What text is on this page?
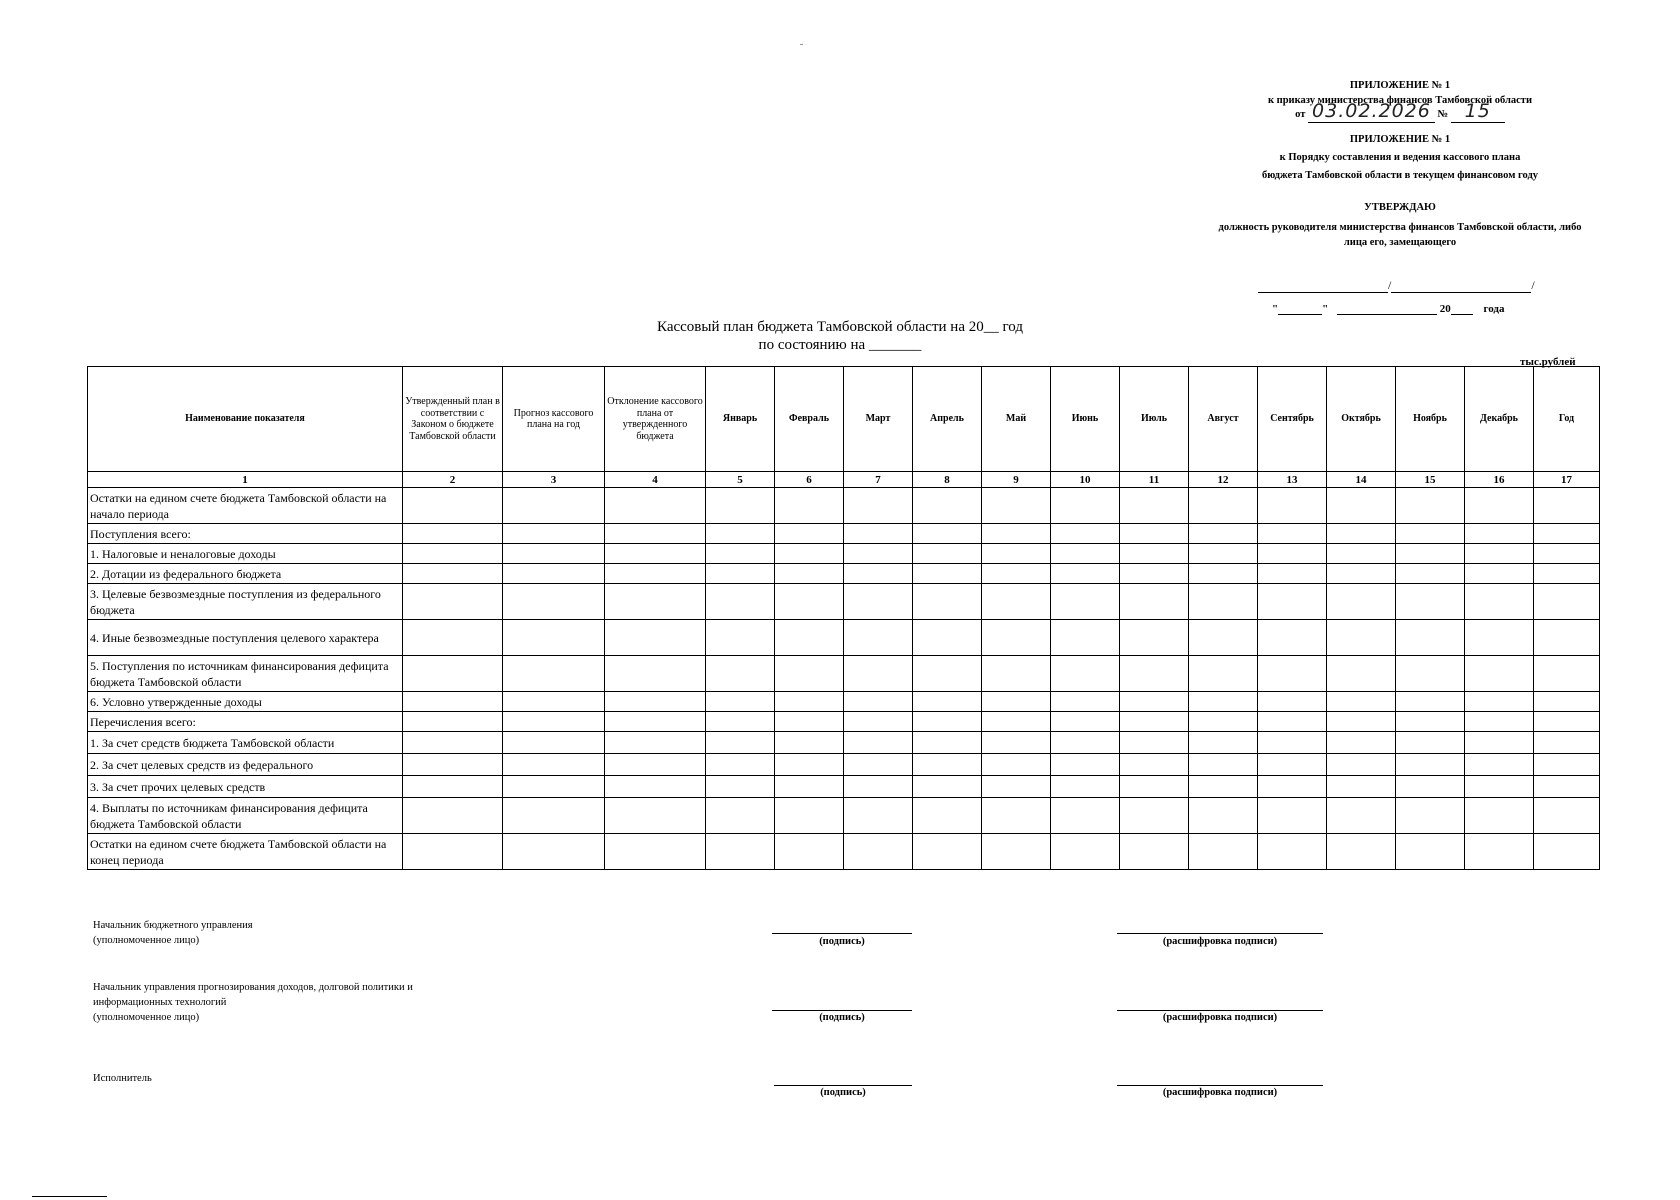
ПРИЛОЖЕНИЕ № 1
к приказу министерства финансов Тамбовской области
от 03.02.2026 № 15
ПРИЛОЖЕНИЕ № 1
к Порядку составления и ведения кассового плана
бюджета Тамбовской области в текущем финансовом году
УТВЕРЖДАЮ
должность руководителя министерства финансов Тамбовской области, либо
лица его, замещающего
/	/
"	"	20	года
Кассовый план бюджета Тамбовской области на 20__ год
по состоянию на _______
тыс.рублей
Наименование показателя	Утвержденный план в соответствии с Законом о бюджете Тамбовской области	Прогноз кассового плана на год	Отклонение кассового плана от утвержденного бюджета	Январь	Февраль	Март	Апрель	Май	Июнь	Июль	Август	Сентябрь	Октябрь	Ноябрь	Декабрь	Год
1	2	3	4	5	6	7	8	9	10	11	12	13	14	15	16	17
Остатки на едином счете бюджета Тамбовской области на начало периода																
Поступления всего:																
1. Налоговые и неналоговые доходы																
2. Дотации из федерального бюджета																
3. Целевые безвозмездные поступления из федерального бюджета																
4. Иные безвозмездные поступления целевого характера																
5. Поступления по источникам финансирования дефицита бюджета Тамбовской области																
6. Условно утвержденные доходы																
Перечисления всего:																
1. За счет средств бюджета Тамбовской области																
2. За счет целевых средств из федерального																
3. За счет прочих целевых средств																
4. Выплаты по источникам финансирования дефицита бюджета Тамбовской области																
Остатки на едином счете бюджета Тамбовской области на конец периода																
Начальник бюджетного управления
(уполномоченное лицо)	(подпись)	(расшифровка подписи)
Начальник управления прогнозирования доходов, долговой политики и
информационных технологий
(уполномоченное лицо)	(подпись)	(расшифровка подписи)
Исполнитель
(подпись)	(расшифровка подписи)
